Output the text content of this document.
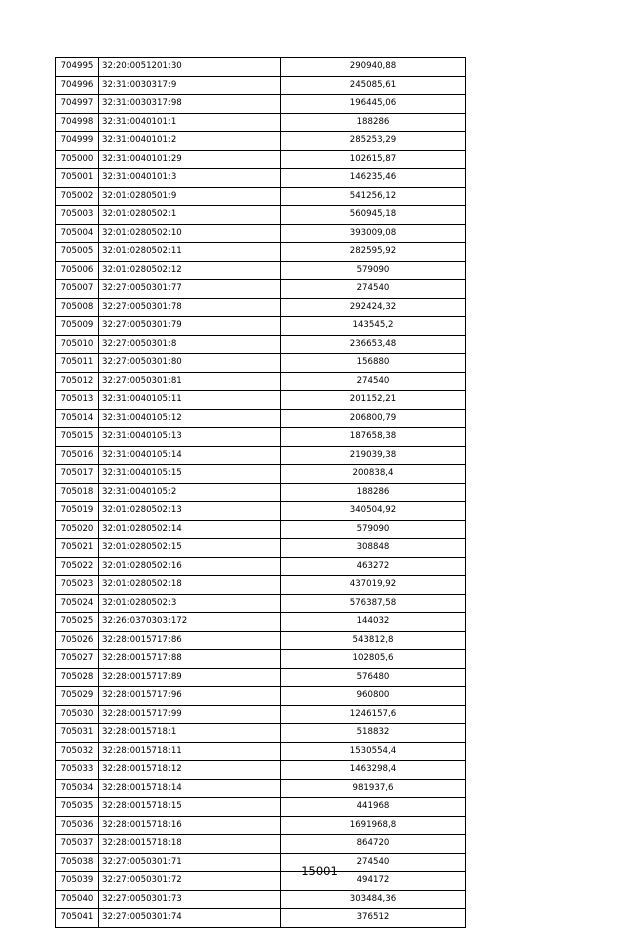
704995	32:20:0051201:30	290940,88
704996	32:31:0030317:9	245085,61
704997	32:31:0030317:98	196445,06
704998	32:31:0040101:1	188286
704999	32:31:0040101:2	285253,29
705000	32:31:0040101:29	102615,87
705001	32:31:0040101:3	146235,46
705002	32:01:0280501:9	541256,12
705003	32:01:0280502:1	560945,18
705004	32:01:0280502:10	393009,08
705005	32:01:0280502:11	282595,92
705006	32:01:0280502:12	579090
705007	32:27:0050301:77	274540
705008	32:27:0050301:78	292424,32
705009	32:27:0050301:79	143545,2
705010	32:27:0050301:8	236653,48
705011	32:27:0050301:80	156880
705012	32:27:0050301:81	274540
705013	32:31:0040105:11	201152,21
705014	32:31:0040105:12	206800,79
705015	32:31:0040105:13	187658,38
705016	32:31:0040105:14	219039,38
705017	32:31:0040105:15	200838,4
705018	32:31:0040105:2	188286
705019	32:01:0280502:13	340504,92
705020	32:01:0280502:14	579090
705021	32:01:0280502:15	308848
705022	32:01:0280502:16	463272
705023	32:01:0280502:18	437019,92
705024	32:01:0280502:3	576387,58
705025	32:26:0370303:172	144032
705026	32:28:0015717:86	543812,8
705027	32:28:0015717:88	102805,6
705028	32:28:0015717:89	576480
705029	32:28:0015717:96	960800
705030	32:28:0015717:99	1246157,6
705031	32:28:0015718:1	518832
705032	32:28:0015718:11	1530554,4
705033	32:28:0015718:12	1463298,4
705034	32:28:0015718:14	981937,6
705035	32:28:0015718:15	441968
705036	32:28:0015718:16	1691968,8
705037	32:28:0015718:18	864720
705038	32:27:0050301:71	274540
705039	32:27:0050301:72	494172
705040	32:27:0050301:73	303484,36
705041	32:27:0050301:74	376512
15001
